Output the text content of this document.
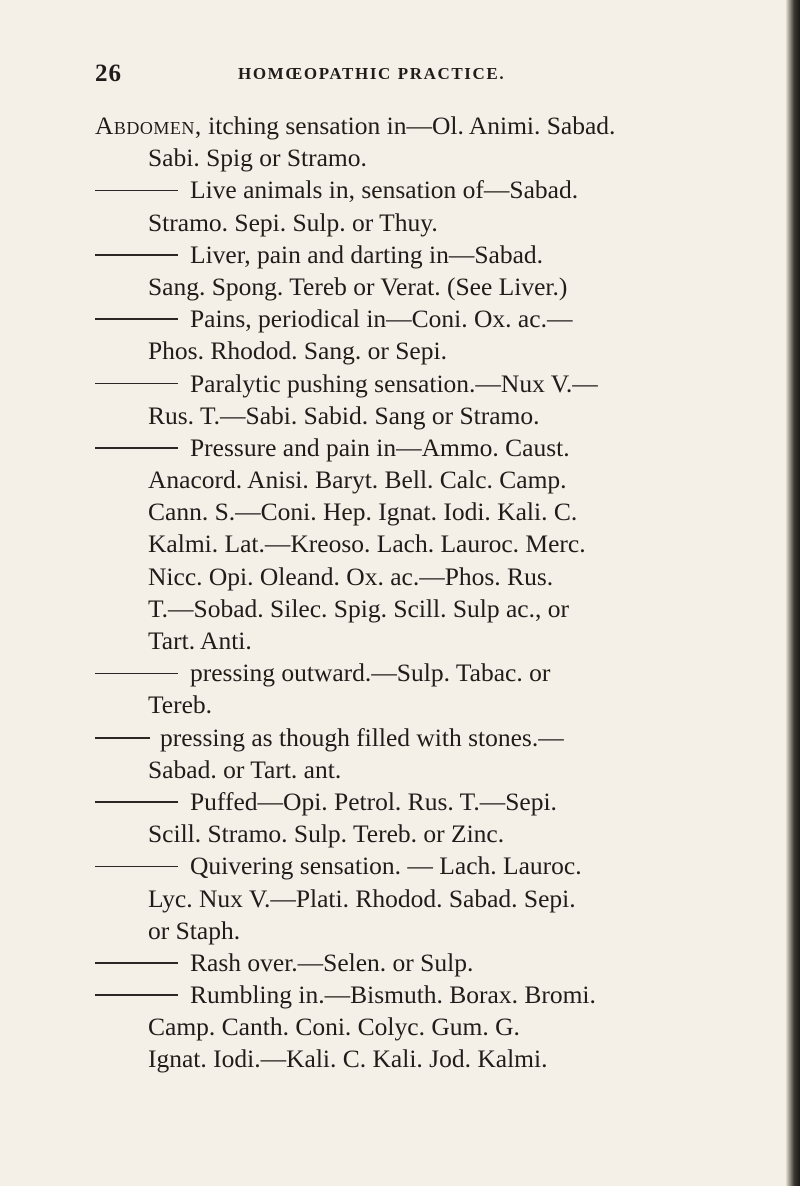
26	HOMŒOPATHIC PRACTICE.
Abdomen, itching sensation in—Ol. Animi. Sabad.
Sabi. Spig or Stramo.
Live animals in, sensation of—Sabad.
Stramo. Sepi. Sulp. or Thuy.
Liver, pain and darting in—Sabad.
Sang. Spong. Tereb or Verat. (See Liver.)
Pains, periodical in—Coni. Ox. ac.—
Phos. Rhodod. Sang. or Sepi.
Paralytic pushing sensation.—Nux V.—
Rus. T.—Sabi. Sabid. Sang or Stramo.
Pressure and pain in—Ammo. Caust.
Anacord. Anisi. Baryt. Bell. Calc. Camp.
Cann. S.—Coni. Hep. Ignat. Iodi. Kali. C.
Kalmi. Lat.—Kreoso. Lach. Lauroc. Merc.
Nicc. Opi. Oleand. Ox. ac.—Phos. Rus.
T.—Sobad. Silec. Spig. Scill. Sulp ac., or
Tart. Anti.
pressing outward.—Sulp. Tabac. or
Tereb.
pressing as though filled with stones.—
Sabad. or Tart. ant.
Puffed—Opi. Petrol. Rus. T.—Sepi.
Scill. Stramo. Sulp. Tereb. or Zinc.
Quivering sensation. — Lach. Lauroc.
Lyc. Nux V.—Plati. Rhodod. Sabad. Sepi.
or Staph.
Rash over.—Selen. or Sulp.
Rumbling in.—Bismuth. Borax. Bromi.
Camp. Canth. Coni. Colyc. Gum. G.
Ignat. Iodi.—Kali. C. Kali. Jod. Kalmi.
